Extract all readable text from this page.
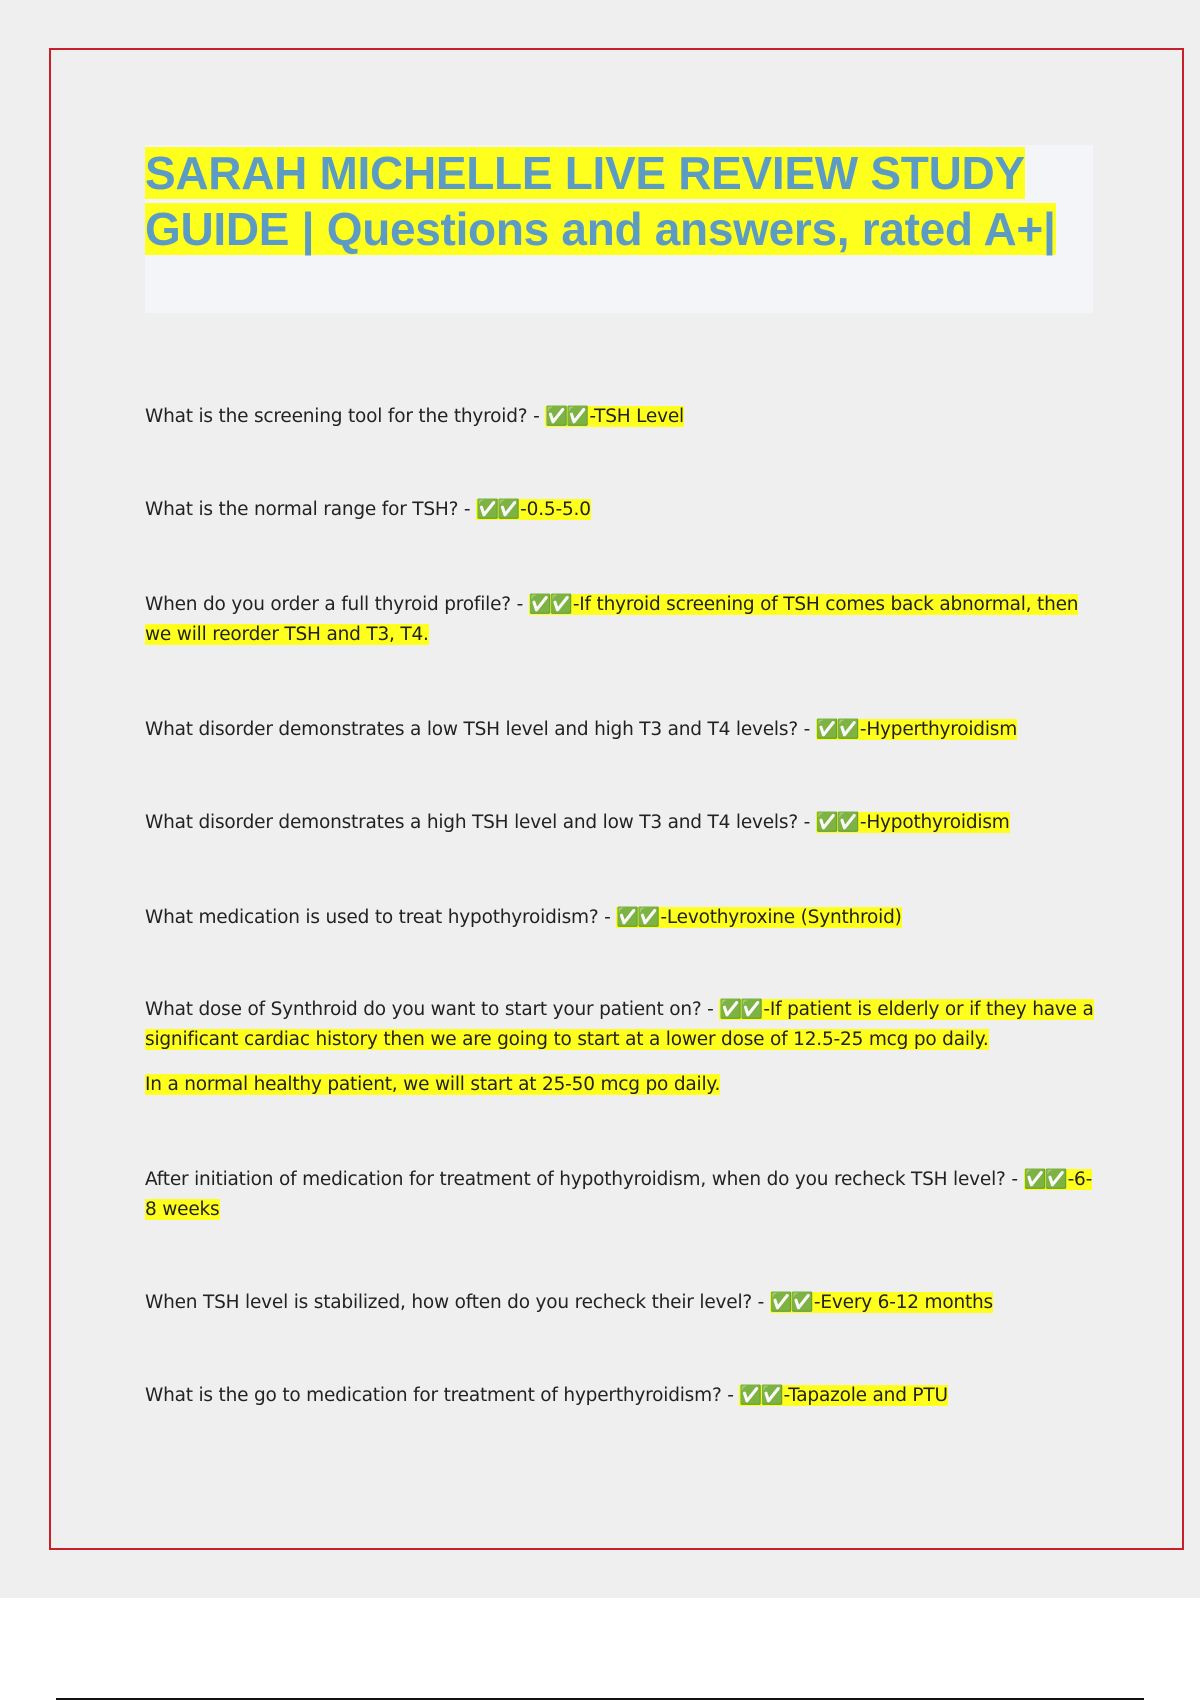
SARAH MICHELLE LIVE REVIEW STUDY GUIDE | Questions and answers, rated A+|

What is the screening tool for the thyroid? - ✅✅ -TSH Level

What is the normal range for TSH? - ✅✅ -0.5-5.0

When do you order a full thyroid profile? - ✅✅ -If thyroid screening of TSH comes back abnormal, then we will reorder TSH and T3, T4.

What disorder demonstrates a low TSH level and high T3 and T4 levels? - ✅✅ -Hyperthyroidism

What disorder demonstrates a high TSH level and low T3 and T4 levels? - ✅✅ -Hypothyroidism

What medication is used to treat hypothyroidism? - ✅✅ -Levothyroxine (Synthroid)

What dose of Synthroid do you want to start your patient on? - ✅✅ -If patient is elderly or if they have a significant cardiac history then we are going to start at a lower dose of 12.5-25 mcg po daily.

In a normal healthy patient, we will start at 25-50 mcg po daily.

After initiation of medication for treatment of hypothyroidism, when do you recheck TSH level? - ✅✅ -6-8 weeks

When TSH level is stabilized, how often do you recheck their level? - ✅✅ -Every 6-12 months

What is the go to medication for treatment of hyperthyroidism? - ✅✅ -Tapazole and PTU
